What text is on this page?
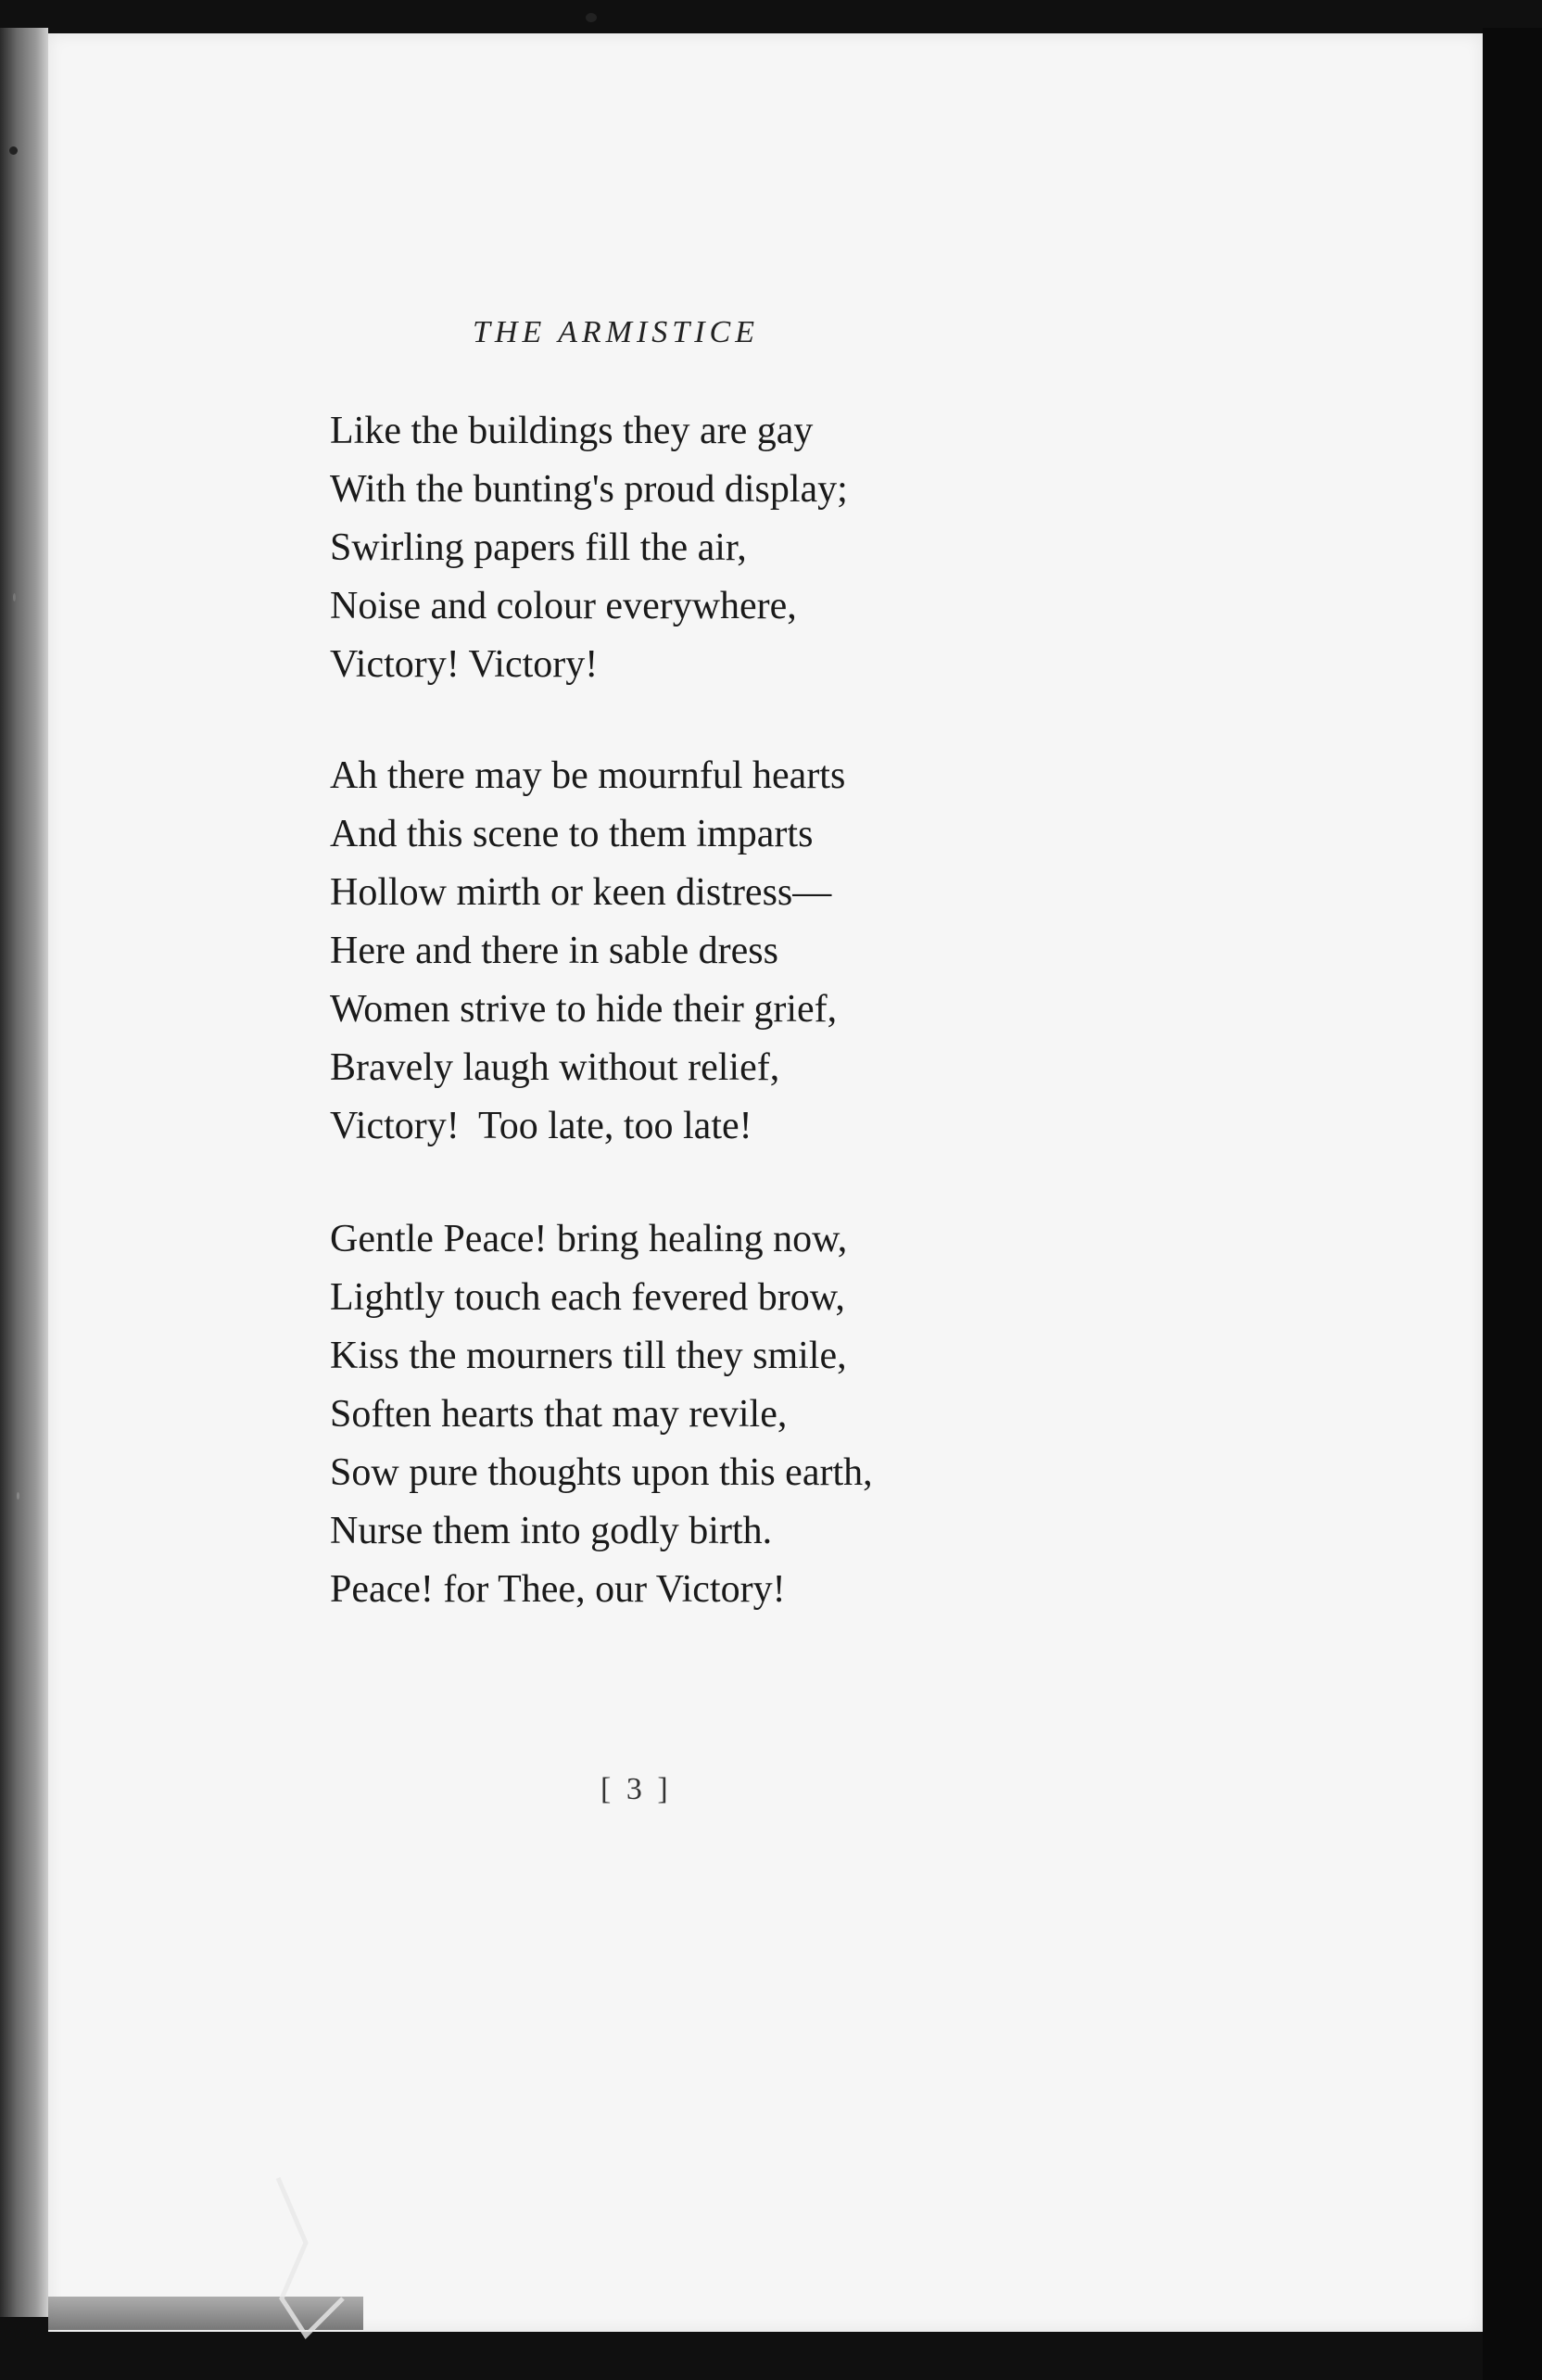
THE ARMISTICE
Like the buildings they are gay
With the bunting's proud display;
Swirling papers fill the air,
Noise and colour everywhere,
Victory! Victory!
Ah there may be mournful hearts
And this scene to them imparts
Hollow mirth or keen distress—
Here and there in sable dress
Women strive to hide their grief,
Bravely laugh without relief,
Victory!  Too late, too late!
Gentle Peace! bring healing now,
Lightly touch each fevered brow,
Kiss the mourners till they smile,
Soften hearts that may revile,
Sow pure thoughts upon this earth,
Nurse them into godly birth.
Peace! for Thee, our Victory!
[ 3 ]
